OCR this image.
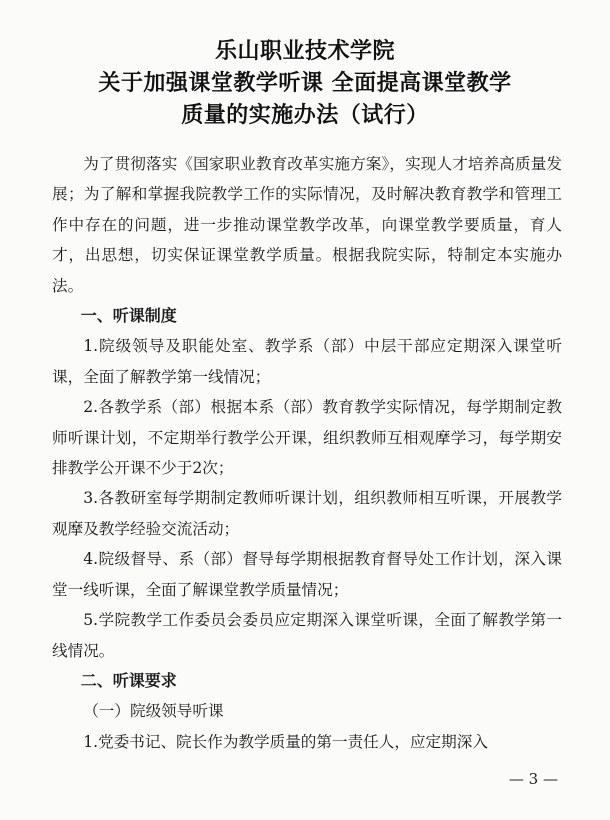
乐山职业技术学院
关于加强课堂教学听课 全面提高课堂教学
质量的实施办法（试行）

为了贯彻落实《国家职业教育改革实施方案》，实现人才培养高质量发展；为了解和掌握我院教学工作的实际情况，及时解决教育教学和管理工作中存在的问题，进一步推动课堂教学改革，向课堂教学要质量，育人才，出思想，切实保证课堂教学质量。根据我院实际，特制定本实施办法。

一、听课制度

1.院级领导及职能处室、教学系（部）中层干部应定期深入课堂听课，全面了解教学第一线情况；

2.各教学系（部）根据本系（部）教育教学实际情况，每学期制定教师听课计划，不定期举行教学公开课，组织教师互相观摩学习，每学期安排教学公开课不少于2次；

3.各教研室每学期制定教师听课计划，组织教师相互听课，开展教学观摩及教学经验交流活动；

4.院级督导、系（部）督导每学期根据教育督导处工作计划，深入课堂一线听课，全面了解课堂教学质量情况；

5.学院教学工作委员会委员应定期深入课堂听课，全面了解教学第一线情况。

二、听课要求

（一）院级领导听课

1.党委书记、院长作为教学质量的第一责任人，应定期深入

— 3 —
